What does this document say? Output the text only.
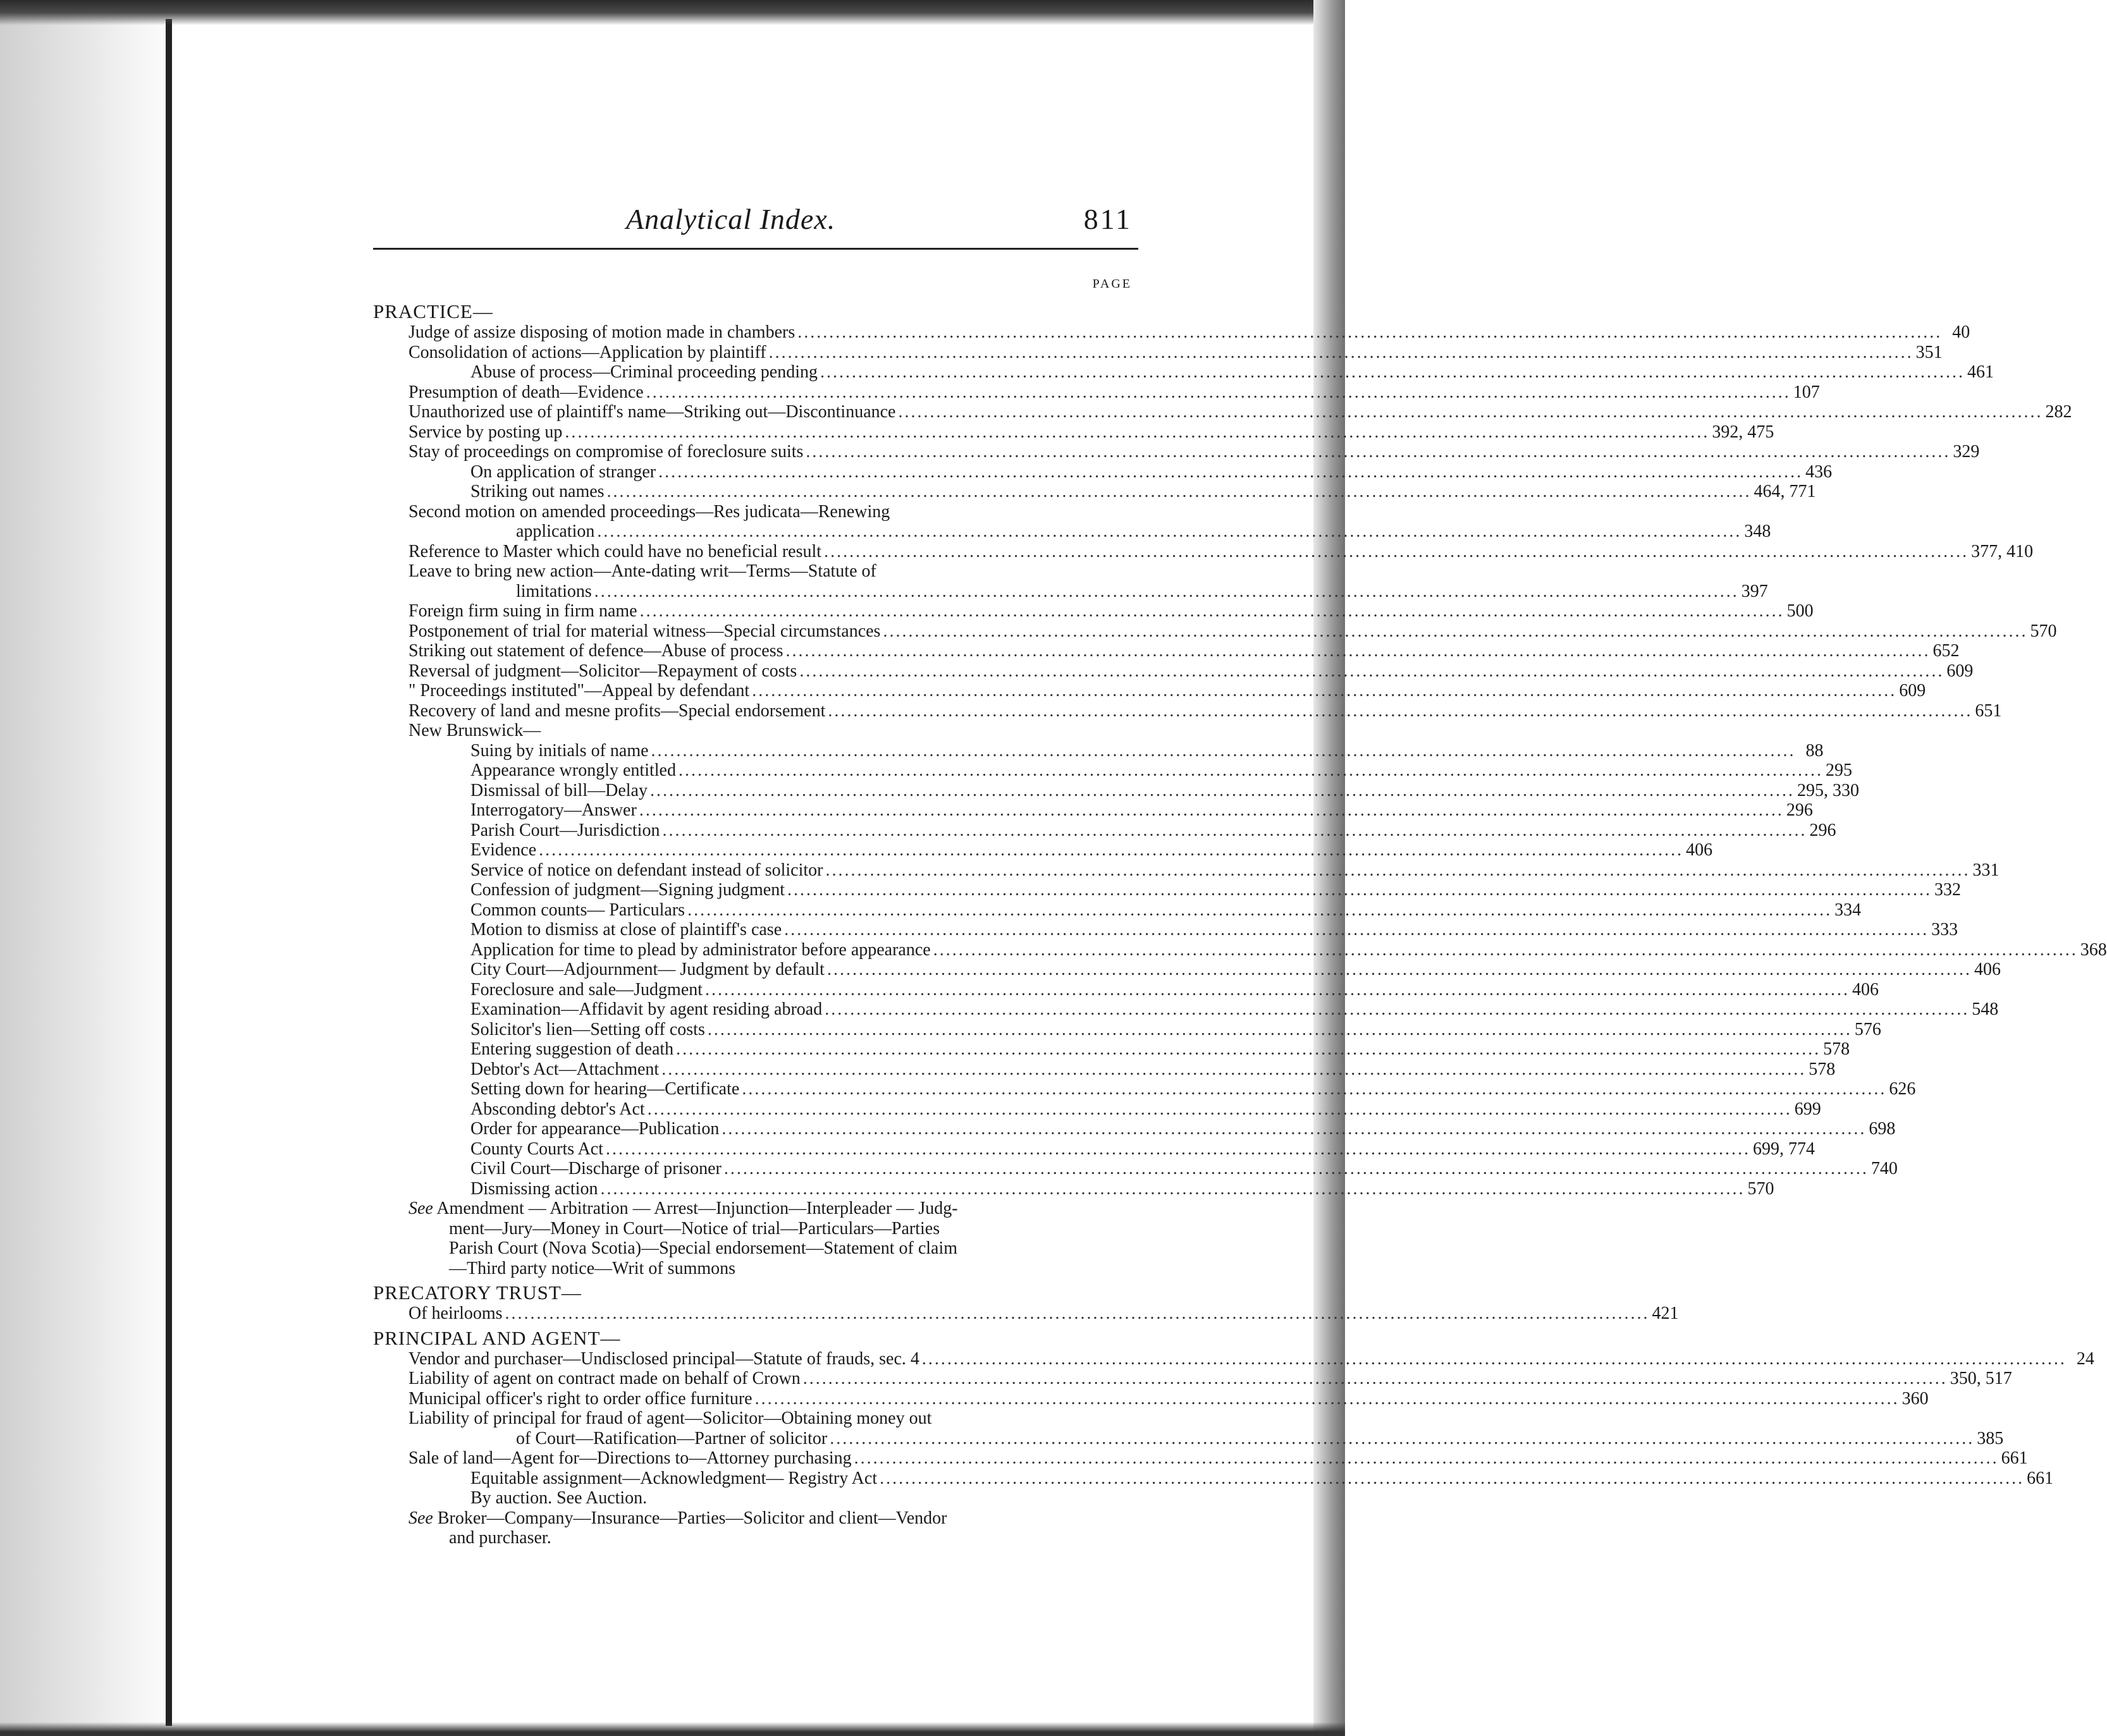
Analytical Index.	811
PAGE
PRACTICE—
Judge of assize disposing of motion made in chambers .....	40
Consolidation of actions—Application by plaintiff .....	351
Abuse of process—Criminal proceeding pending .....	461
Presumption of death—Evidence .....	107
Unauthorized use of plaintiff's name—Striking out—Discontinuance .....	282
Service by posting up .....	392, 475
Stay of proceedings on compromise of foreclosure suits .....	329
On application of stranger .....	436
Striking out names .....	464, 771
Second motion on amended proceedings—Res judicata—Renewing
application .....	348
Reference to Master which could have no beneficial result .....	377, 410
Leave to bring new action—Ante-dating writ—Terms—Statute of
limitations .....	397
Foreign firm suing in firm name .....	500
Postponement of trial for material witness—Special circumstances .....	570
Striking out statement of defence—Abuse of process .....	652
Reversal of judgment—Solicitor—Repayment of costs .....	609
" Proceedings instituted"—Appeal by defendant .....	609
Recovery of land and mesne profits—Special endorsement .....	651
New Brunswick—
Suing by initials of name .....	88
Appearance wrongly entitled .....	295
Dismissal of bill—Delay .....	295, 330
Interrogatory—Answer .....	296
Parish Court—Jurisdiction .....	296
Evidence .....	406
Service of notice on defendant instead of solicitor .....	331
Confession of judgment—Signing judgment .....	332
Common counts— Particulars .....	334
Motion to dismiss at close of plaintiff's case .....	333
Application for time to plead by administrator before appearance .....	368
City Court—Adjournment— Judgment by default .....	406
Foreclosure and sale—Judgment .....	406
Examination—Affidavit by agent residing abroad .....	548
Solicitor's lien—Setting off costs .....	576
Entering suggestion of death .....	578
Debtor's Act—Attachment .....	578
Setting down for hearing—Certificate .....	626
Absconding debtor's Act .....	699
Order for appearance—Publication .....	698
County Courts Act .....	699, 774
Civil Court—Discharge of prisoner .....	740
Dismissing action .....	570
See Amendment — Arbitration — Arrest—Injunction—Interpleader — Judg-
ment—Jury—Money in Court—Notice of trial—Particulars—Parties
Parish Court (Nova Scotia)—Special endorsement—Statement of claim
—Third party notice—Writ of summons
PRECATORY TRUST—
Of heirlooms .....	421
PRINCIPAL AND AGENT—
Vendor and purchaser—Undisclosed principal—Statute of frauds, sec. 4 .....	24
Liability of agent on contract made on behalf of Crown .....	350, 517
Municipal officer's right to order office furniture .....	360
Liability of principal for fraud of agent—Solicitor—Obtaining money out
of Court—Ratification—Partner of solicitor .....	385
Sale of land—Agent for—Directions to—Attorney purchasing .....	661
Equitable assignment—Acknowledgment— Registry Act .....	661
By auction. See Auction.
See Broker—Company—Insurance—Parties—Solicitor and client—Vendor
and purchaser.
